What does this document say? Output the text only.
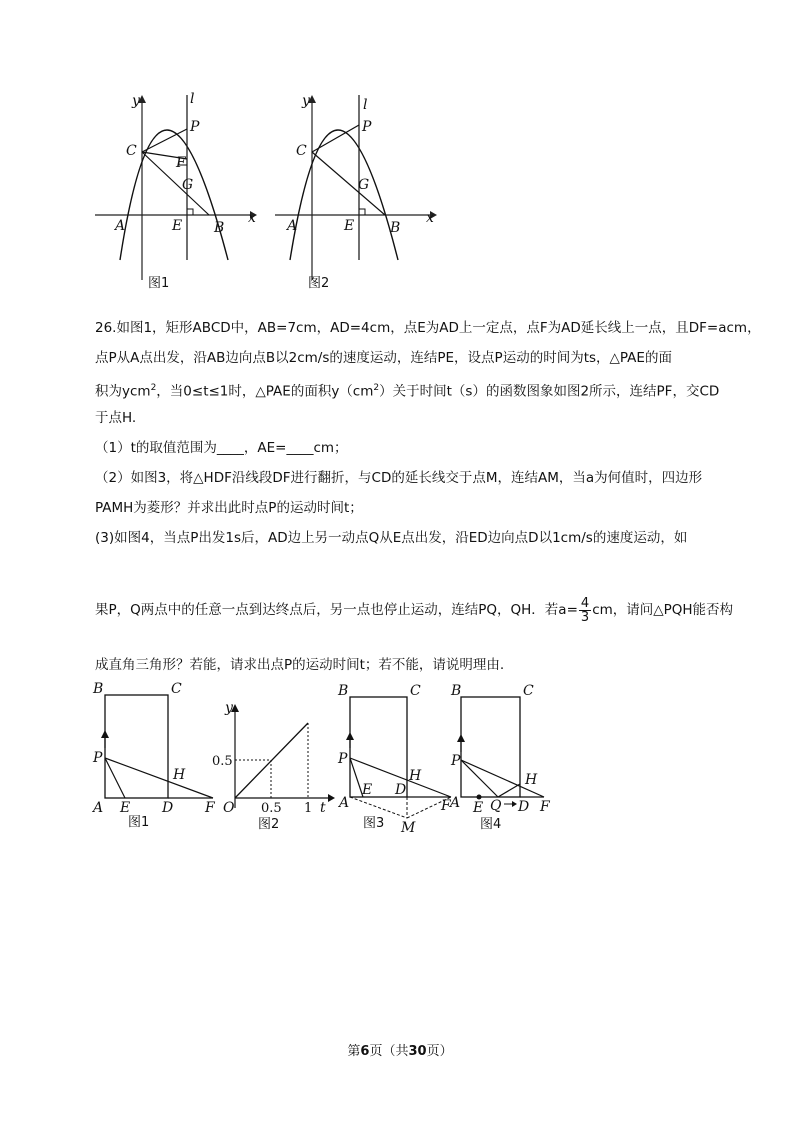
y	l
x
A	B
C
E
F
G
P
图1
y	l
x
A	B
C
E
G
P
图2
26.如图1，矩形ABCD中，AB=7cm，AD=4cm，点E为AD上一定点，点F为AD延长线上一点，且DF=acm，
点P从A点出发，沿AB边向点B以2cm/s的速度运动，连结PE，设点P运动的时间为ts，△PAE的面
积为ycm$^2$，当0≤t≤1时，△PAE的面积$y(cm^2)$关于时间t（s）的函数图象如图2所示，连结PF，交CD
于点H.
（1）t的取值范围为____，AE=____cm；
（2）如图3，将△HDF沿线段DF进行翻折，与CD的延长线交于点M，连结AM，当a为何值时，四边形
PAMH为菱形？并求出此时点P的运动时间t；
(3)如图4，当点P出发1s后，AD边上另一动点Q从E点出发，沿ED边向点D以1cm/s的速度运动，如
果P，Q两点中的任意一点到达终点后，另一点也停止运动，连结PQ，QH．若$a= \frac{4}{3}$ cm，请问△PQH能否构
成直角三角形？若能，请求出点P的运动时间t；若不能，请说明理由.
B	C
P
H
A E D F
图1
y
t
O
0.5
0.5 1
图2
B	C
P
H
A
E D
F
M
图3
B	C
P
H
A E Q D F
图4
第6页（共30页）
